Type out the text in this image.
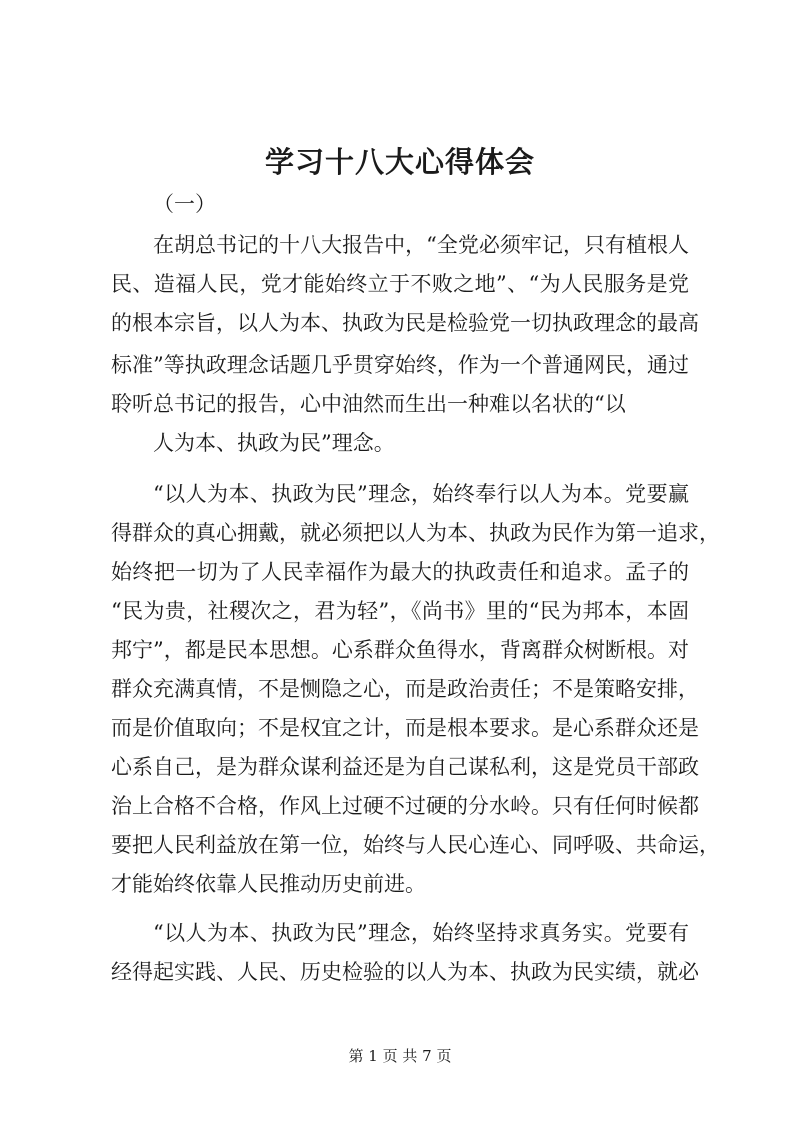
学习十八大心得体会
（一）
在胡总书记的十八大报告中，“全党必须牢记，只有植根人
民、造福人民，党才能始终立于不败之地”、“为人民服务是党
的根本宗旨，以人为本、执政为民是检验党一切执政理念的最高
标准”等执政理念话题几乎贯穿始终，作为一个普通网民，通过
聆听总书记的报告，心中油然而生出一种难以名状的“以
人为本、执政为民”理念。
“以人为本、执政为民”理念，始终奉行以人为本。党要赢
得群众的真心拥戴，就必须把以人为本、执政为民作为第一追求，
始终把一切为了人民幸福作为最大的执政责任和追求。孟子的
“民为贵，社稷次之，君为轻”，《尚书》里的“民为邦本，本固
邦宁”，都是民本思想。心系群众鱼得水，背离群众树断根。对
群众充满真情，不是恻隐之心，而是政治责任；不是策略安排，
而是价值取向；不是权宜之计，而是根本要求。是心系群众还是
心系自己，是为群众谋利益还是为自己谋私利，这是党员干部政
治上合格不合格，作风上过硬不过硬的分水岭。只有任何时候都
要把人民利益放在第一位，始终与人民心连心、同呼吸、共命运，
才能始终依靠人民推动历史前进。
“以人为本、执政为民”理念，始终坚持求真务实。党要有
经得起实践、人民、历史检验的以人为本、执政为民实绩，就必
第 1 页 共 7 页
